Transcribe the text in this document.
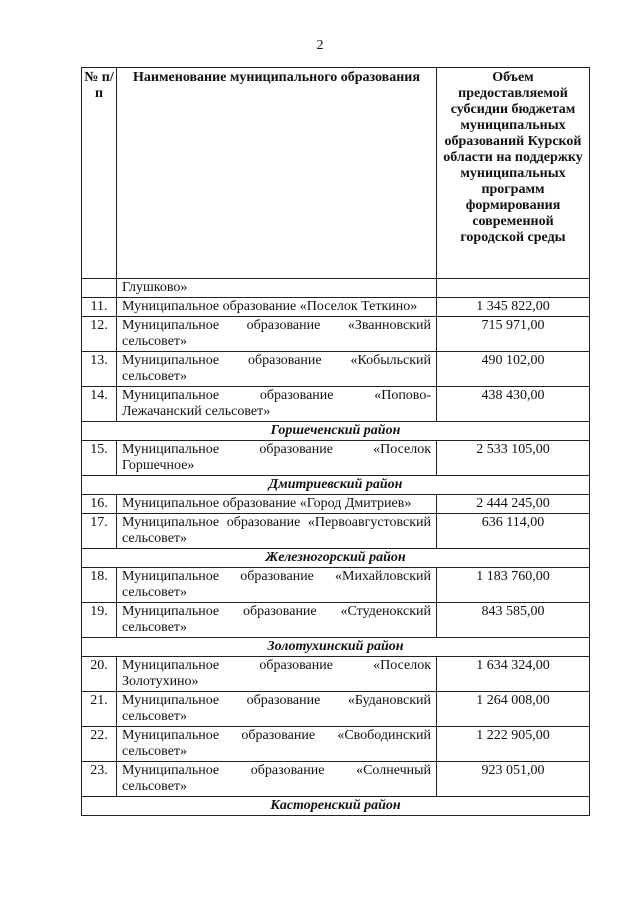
2
№ п/п	Наименование муниципального образования	Объем предоставляемой субсидии бюджетам муниципальных образований Курской области на поддержку муниципальных программ формирования современной городской среды
	Глушково»	
11.	Муниципальное образование «Поселок Теткино»	1 345 822,00
12.	Муниципальное образование «Званновский сельсовет»	715 971,00
13.	Муниципальное образование «Кобыльский сельсовет»	490 102,00
14.	Муниципальное образование «Попово-Лежачанский сельсовет»	438 430,00
Горшеченский район		
15.	Муниципальное образование «Поселок Горшечное»	2 533 105,00
Дмитриевский район		
16.	Муниципальное образование «Город Дмитриев»	2 444 245,00
17.	Муниципальное образование «Первоавгустовский сельсовет»	636 114,00
Железногорский район		
18.	Муниципальное образование «Михайловский сельсовет»	1 183 760,00
19.	Муниципальное образование «Студенокский сельсовет»	843 585,00
Золотухинский район		
20.	Муниципальное образование «Поселок Золотухино»	1 634 324,00
21.	Муниципальное образование «Будановский сельсовет»	1 264 008,00
22.	Муниципальное образование «Свободинский сельсовет»	1 222 905,00
23.	Муниципальное образование «Солнечный сельсовет»	923 051,00
Касторенский район		
